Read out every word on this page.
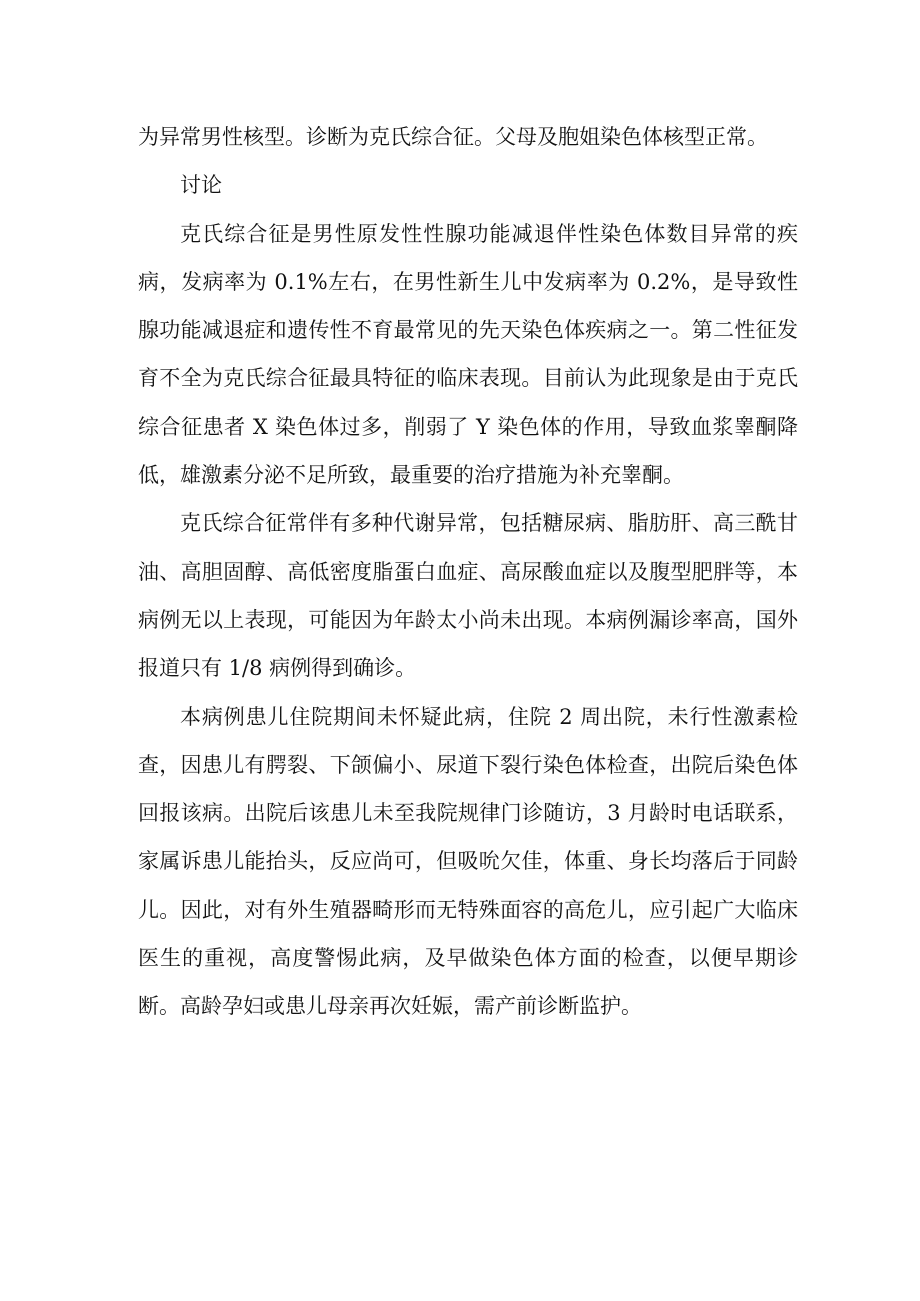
为异常男性核型。诊断为克氏综合征。父母及胞姐染色体核型正常。

讨论

克氏综合征是男性原发性性腺功能减退伴性染色体数目异常的疾病，发病率为 0.1%左右，在男性新生儿中发病率为 0.2%，是导致性腺功能减退症和遗传性不育最常见的先天染色体疾病之一。第二性征发育不全为克氏综合征最具特征的临床表现。目前认为此现象是由于克氏综合征患者 X 染色体过多，削弱了 Y 染色体的作用，导致血浆睾酮降低，雄激素分泌不足所致，最重要的治疗措施为补充睾酮。

克氏综合征常伴有多种代谢异常，包括糖尿病、脂肪肝、高三酰甘油、高胆固醇、高低密度脂蛋白血症、高尿酸血症以及腹型肥胖等，本病例无以上表现，可能因为年龄太小尚未出现。本病例漏诊率高，国外报道只有 1/8 病例得到确诊。

本病例患儿住院期间未怀疑此病，住院 2 周出院，未行性激素检查，因患儿有腭裂、下颌偏小、尿道下裂行染色体检查，出院后染色体回报该病。出院后该患儿未至我院规律门诊随访，3 月龄时电话联系，家属诉患儿能抬头，反应尚可，但吸吮欠佳，体重、身长均落后于同龄儿。因此，对有外生殖器畸形而无特殊面容的高危儿，应引起广大临床医生的重视，高度警惕此病，及早做染色体方面的检查，以便早期诊断。高龄孕妇或患儿母亲再次妊娠，需产前诊断监护。
